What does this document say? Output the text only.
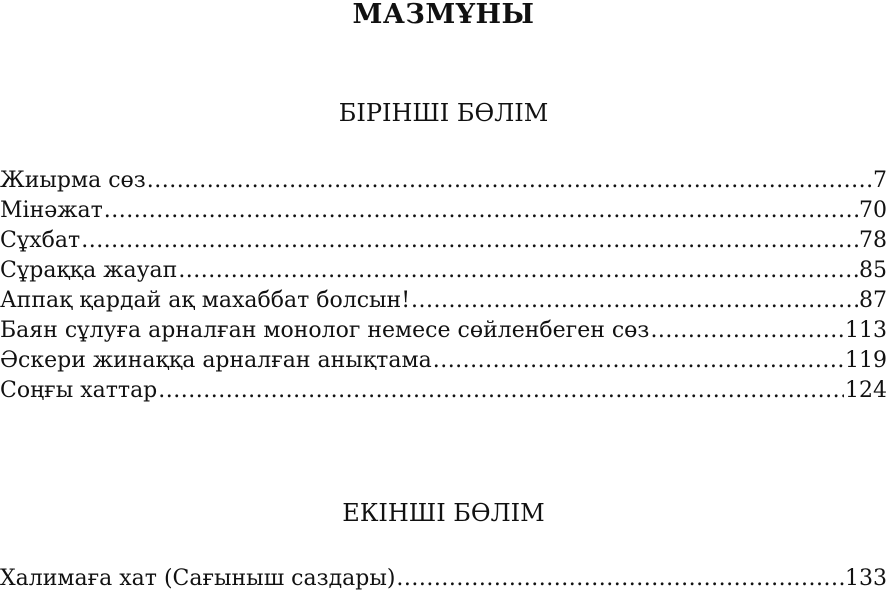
МАЗМҰНЫ
БІРІНШІ БӨЛІМ
Жиырма сөз .....	7
Мінәжат .....	70
Сұхбат .....	78
Сұраққа жауап .....	85
Аппақ қардай ақ махаббат болсын! .....	87
Баян сұлуға арналған монолог немесе сөйленбеген сөз .....	113
Әскери жинаққа арналған анықтама .....	119
Соңғы хаттар .....	124
ЕКІНШІ БӨЛІМ
Халимаға хат (Сағыныш саздары) .....	133
